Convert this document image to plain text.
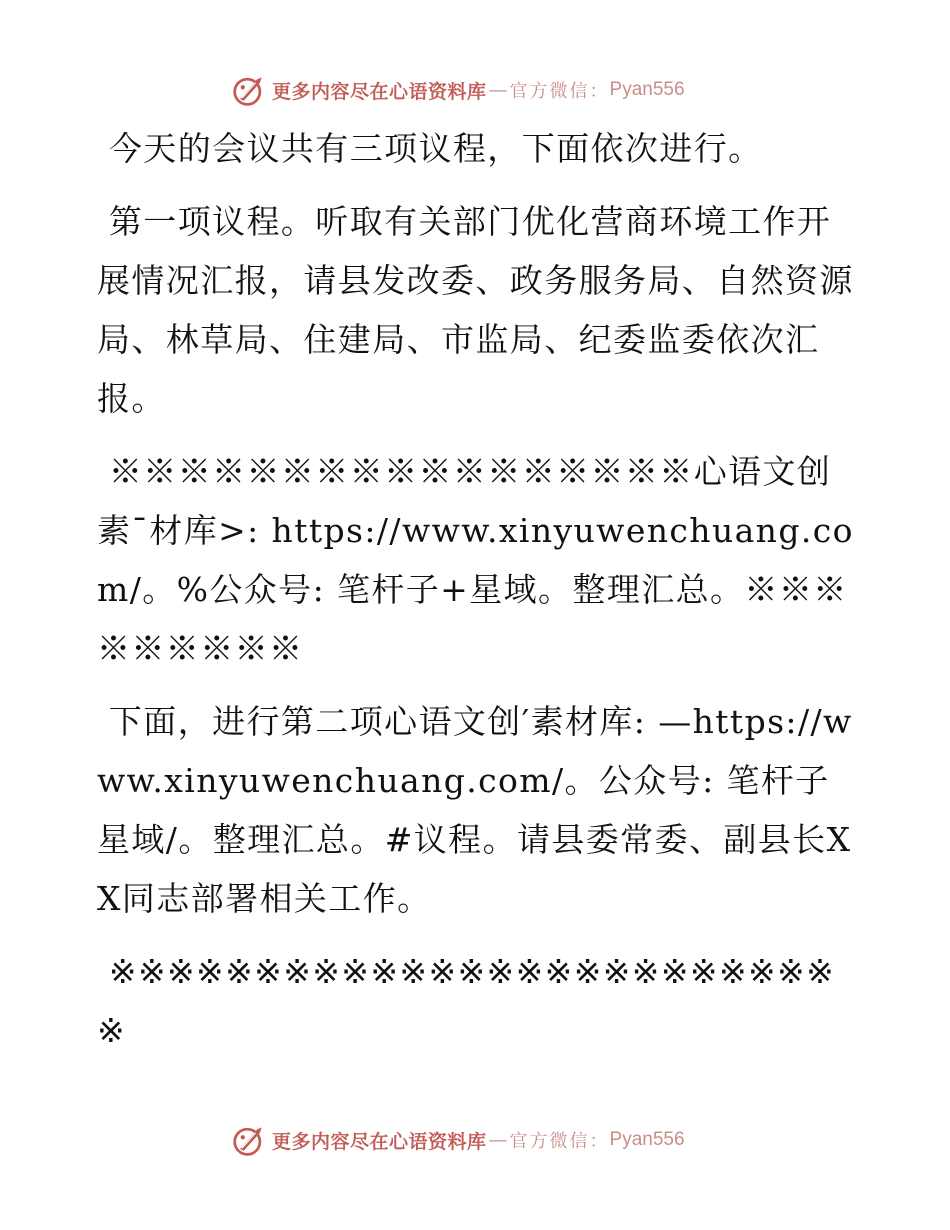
更多内容尽在心语资料库 — 官方微信： Pyan556

今天的会议共有三项议程，下面依次进行。

第一项议程。听取有关部门优化营商环境工作开展情况汇报，请县发改委、政务服务局、自然资源局、林草局、住建局、市监局、纪委监委依次汇报。

※※※※※※※※※※※※※※※※※心语文创素¯材库>: https://www.xinyuwenchuang.com/。%公众号: 笔杆子+星域。整理汇总。※※※※※※※※※

下面，进行第二项心语文创′素材库: —https://www.xinyuwenchuang.com/。公众号: 笔杆子星域/。整理汇总。#议程。请县委常委、副县长XX同志部署相关工作。

※※※※※※※※※※※※※※※※※※※※※※※※※※

更多内容尽在心语资料库 — 官方微信： Pyan556
